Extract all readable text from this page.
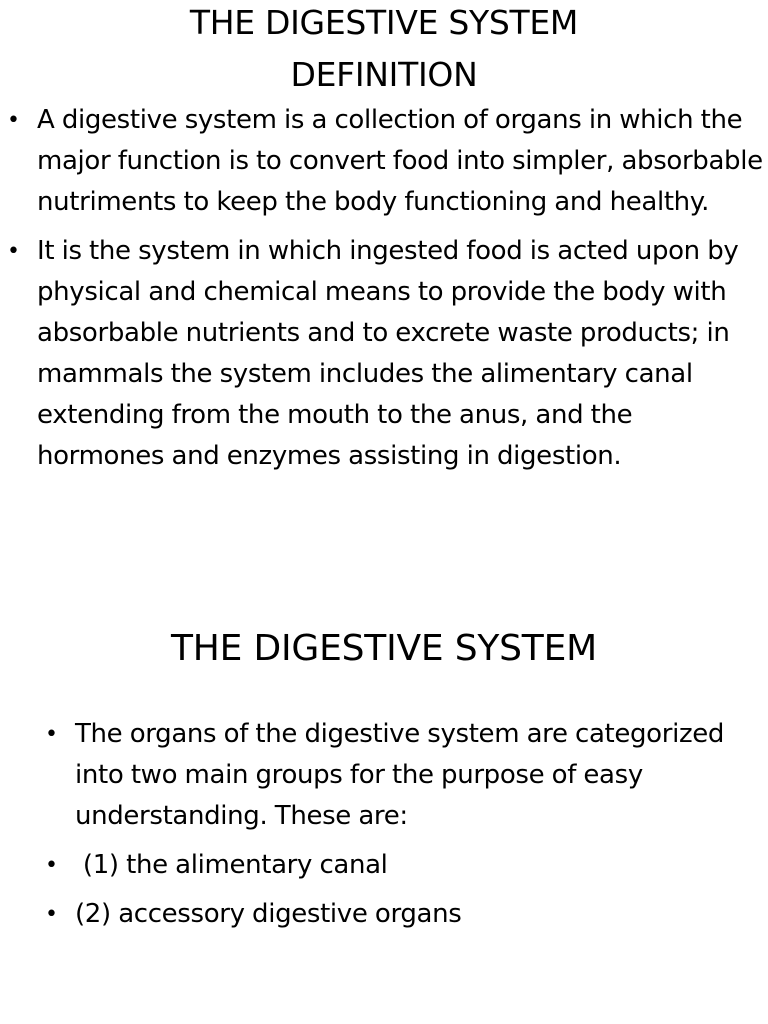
THE DIGESTIVE SYSTEM
DEFINITION
• A digestive system is a collection of organs in which the major function is to convert food into simpler, absorbable nutriments to keep the body functioning and healthy.
• It is the system in which ingested food is acted upon by physical and chemical means to provide the body with absorbable nutrients and to excrete waste products; in mammals the system includes the alimentary canal extending from the mouth to the anus, and the hormones and enzymes assisting in digestion.
THE DIGESTIVE SYSTEM
• The organs of the digestive system are categorized into two main groups for the purpose of easy understanding. These are:
• (1) the alimentary canal
• (2) accessory digestive organs
